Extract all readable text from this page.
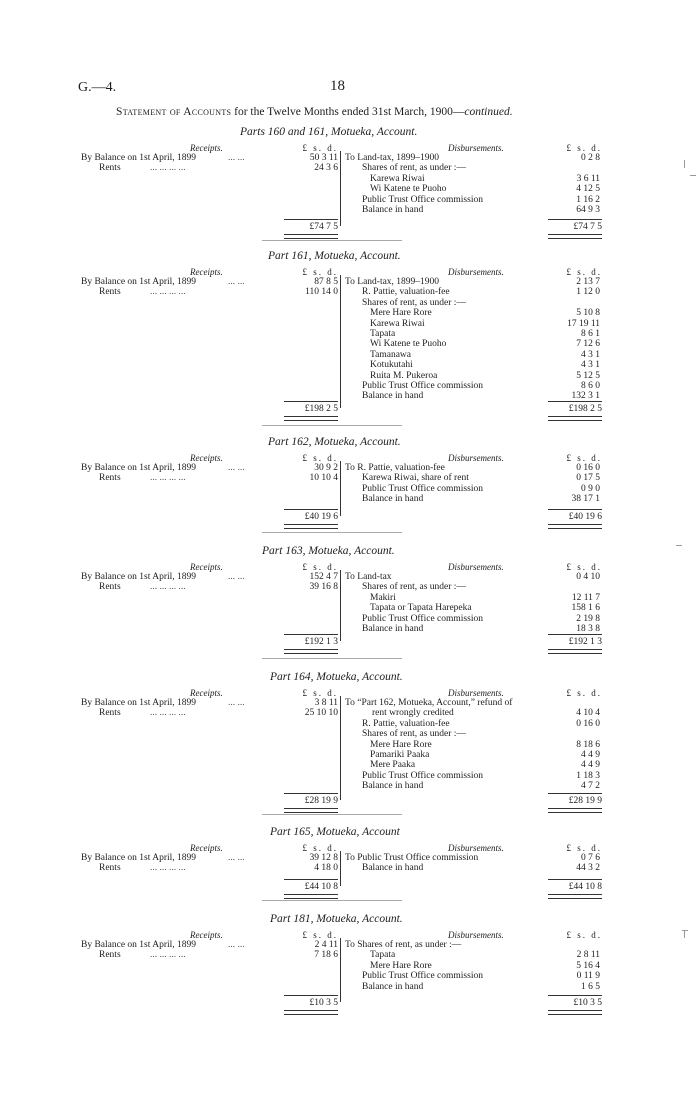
G.—4.	18
Statement of Accounts for the Twelve Months ended 31st March, 1900—continued.
Parts 160 and 161, Motueka, Account.
Receipts.	£ s. d.	Disbursements.	£ s. d.
By Balance on 1st April, 1899	... ...	50 3 11
Rents	... ... ... ...	24 3 6
To Land-tax, 1899–1900	0 2 8
Shares of rent, as under :—
Karewa Riwai	3 6 11
Wi Katene te Puoho	4 12 5
Public Trust Office commission	1 16 2
Balance in hand	64 9 3
£74 7 5	£74 7 5
Part 161, Motueka, Account.
Receipts.	£ s. d.	Disbursements.	£ s. d.
By Balance on 1st April, 1899	... ...	87 8 5
Rents	... ... ... ...	110 14 0
To Land-tax, 1899–1900	2 13 7
R. Pattie, valuation-fee	1 12 0
Shares of rent, as under :—
Mere Hare Rore	5 10 8
Karewa Riwai	17 19 11
Tapata	8 6 1
Wi Katene te Puoho	7 12 6
Tamanawa	4 3 1
Kotukutahi	4 3 1
Ruita M. Pukeroa	5 12 5
Public Trust Office commission	8 6 0
Balance in hand	132 3 1
£198 2 5	£198 2 5
Part 162, Motueka, Account.
Receipts.	£ s. d.	Disbursements.	£ s. d.
By Balance on 1st April, 1899	... ...	30 9 2
Rents	... ... ... ...	10 10 4
To R. Pattie, valuation-fee	0 16 0
Karewa Riwai, share of rent	0 17 5
Public Trust Office commission	0 9 0
Balance in hand	38 17 1
£40 19 6	£40 19 6
Part 163, Motueka, Account.
Receipts.	£ s. d.	Disbursements.	£ s. d.
By Balance on 1st April, 1899	... ...	152 4 7
Rents	... ... ... ...	39 16 8
To Land-tax	0 4 10
Shares of rent, as under :—
Makiri	12 11 7
Tapata or Tapata Harepeka	158 1 6
Public Trust Office commission	2 19 8
Balance in hand	18 3 8
£192 1 3	£192 1 3
Part 164, Motueka, Account.
Receipts.	£ s. d.	Disbursements.	£ s. d.
By Balance on 1st April, 1899	... ...	3 8 11
Rents	... ... ... ...	25 10 10
To “Part 162, Motueka, Account,” refund of
rent wrongly credited	4 10 4
R. Pattie, valuation-fee	0 16 0
Shares of rent, as under :—
Mere Hare Rore	8 18 6
Pamariki Paaka	4 4 9
Mere Paaka	4 4 9
Public Trust Office commission	1 18 3
Balance in hand	4 7 2
£28 19 9	£28 19 9
Part 165, Motueka, Account
Receipts.	£ s. d.	Disbursements.	£ s. d.
By Balance on 1st April, 1899	... ...	39 12 8
Rents	... ... ... ...	4 18 0
To Public Trust Office commission	0 7 6
Balance in hand	44 3 2
£44 10 8	£44 10 8
Part 181, Motueka, Account.
Receipts.	£ s. d.	Disbursements.	£ s. d.
By Balance on 1st April, 1899	... ...	2 4 11
Rents	... ... ... ...	7 18 6
To Shares of rent, as under :—
Tapata	2 8 11
Mere Hare Rore	5 16 4
Public Trust Office commission	0 11 9
Balance in hand	1 6 5
£10 3 5	£10 3 5
